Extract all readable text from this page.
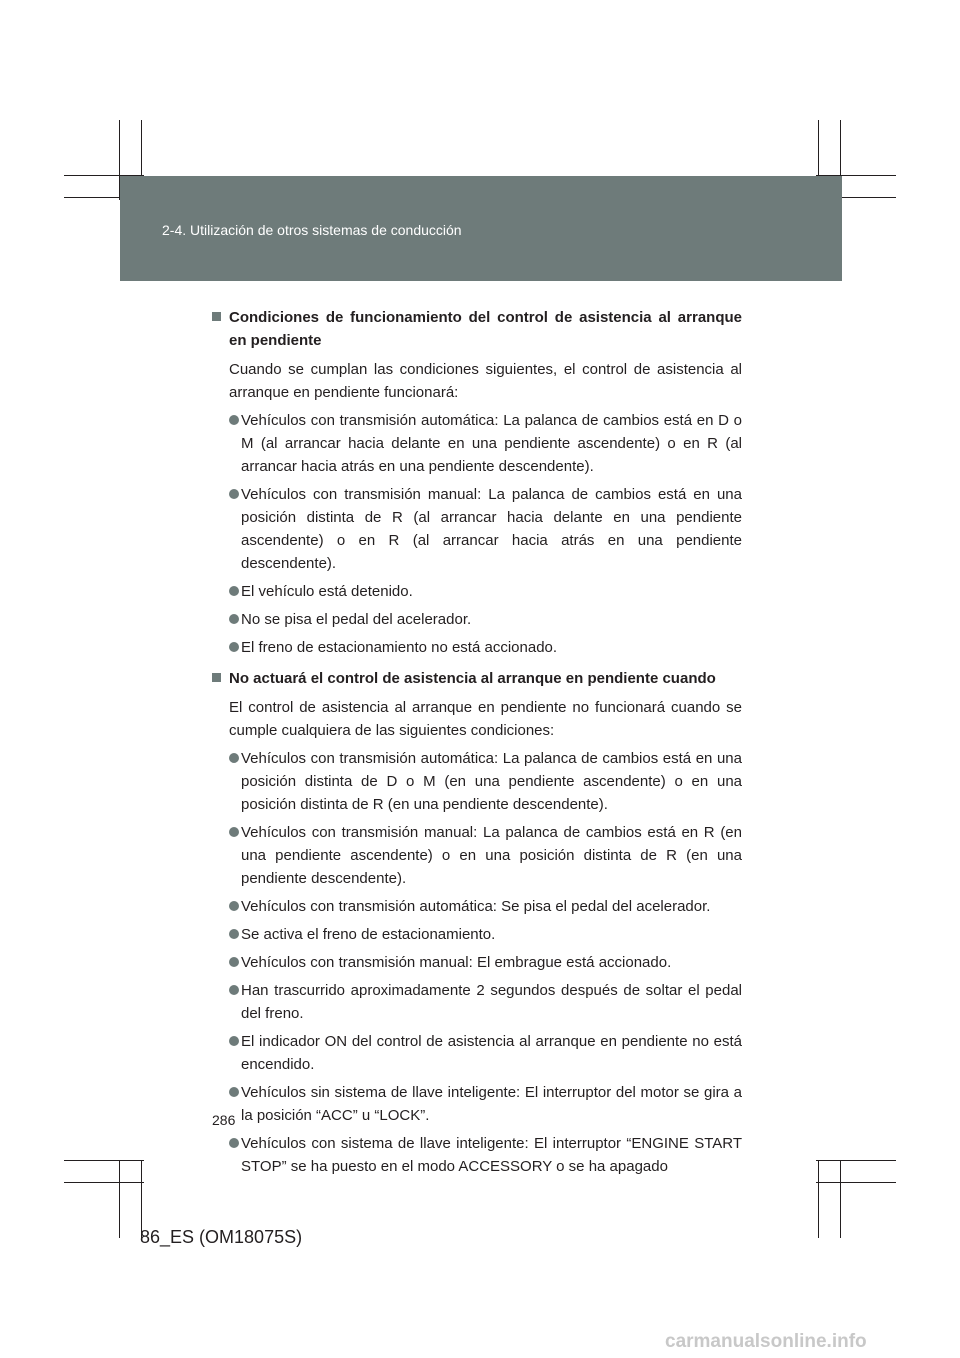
2-4. Utilización de otros sistemas de conducción
Condiciones de funcionamiento del control de asistencia al arranque en pendiente
Cuando se cumplan las condiciones siguientes, el control de asistencia al arranque en pendiente funcionará:
Vehículos con transmisión automática: La palanca de cambios está en D o M (al arrancar hacia delante en una pendiente ascendente) o en R (al arrancar hacia atrás en una pendiente descendente).
Vehículos con transmisión manual: La palanca de cambios está en una posición distinta de R (al arrancar hacia delante en una pendiente ascendente) o en R (al arrancar hacia atrás en una pendiente descendente).
El vehículo está detenido.
No se pisa el pedal del acelerador.
El freno de estacionamiento no está accionado.
No actuará el control de asistencia al arranque en pendiente cuando
El control de asistencia al arranque en pendiente no funcionará cuando se cumple cualquiera de las siguientes condiciones:
Vehículos con transmisión automática: La palanca de cambios está en una posición distinta de D o M (en una pendiente ascendente) o en una posición distinta de R (en una pendiente descendente).
Vehículos con transmisión manual: La palanca de cambios está en R (en una pendiente ascendente) o en una posición distinta de R (en una pendiente descendente).
Vehículos con transmisión automática: Se pisa el pedal del acelerador.
Se activa el freno de estacionamiento.
Vehículos con transmisión manual: El embrague está accionado.
Han trascurrido aproximadamente 2 segundos después de soltar el pedal del freno.
El indicador ON del control de asistencia al arranque en pendiente no está encendido.
Vehículos sin sistema de llave inteligente: El interruptor del motor se gira a la posición “ACC” u “LOCK”.
Vehículos con sistema de llave inteligente: El interruptor “ENGINE START STOP” se ha puesto en el modo ACCESSORY o se ha apagado
286
86_ES (OM18075S)
carmanualsonline.info
